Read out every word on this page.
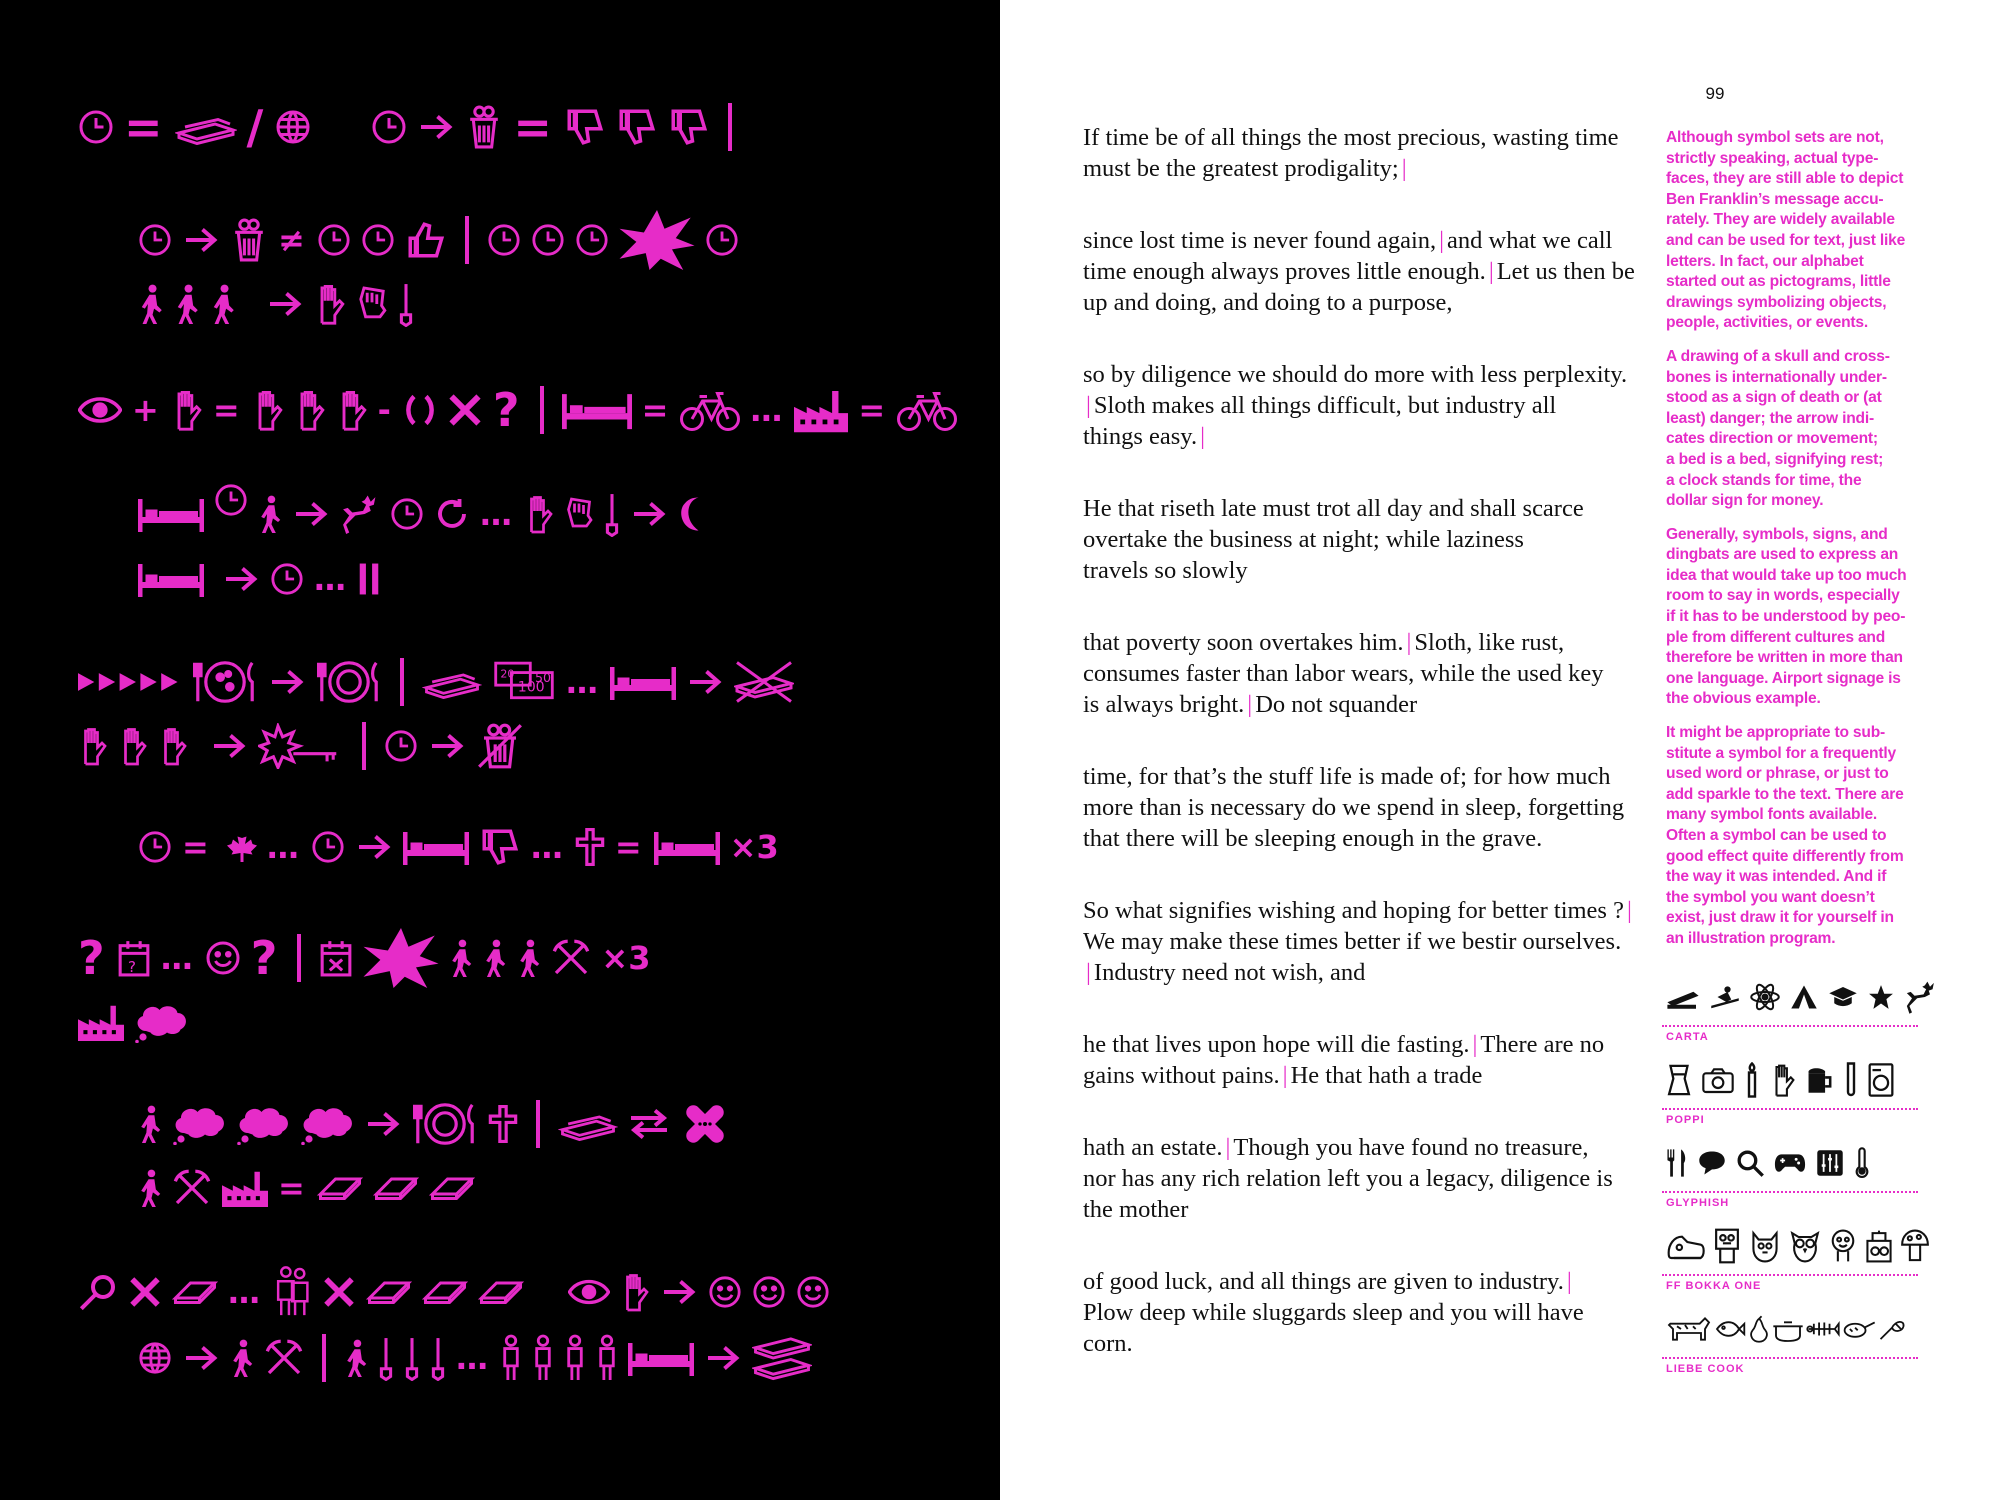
= /	=
≠
+ =	- ?	=	… =
…
…
100
50
20 …
= …	… =	×3
? ? … ?	×3
=
…
…
99

If time be of all things the most precious, wasting time
must be the greatest prodigality; |

since lost time is never found again, | and what we call
time enough always proves little enough. | Let us then be
up and doing, and doing to a purpose,

so by diligence we should do more with less perplexity.
| Sloth makes all things difficult, but industry all
things easy. |

He that riseth late must trot all day and shall scarce
overtake the business at night; while laziness
travels so slowly

that poverty soon overtakes him. | Sloth, like rust,
consumes faster than labor wears, while the used key
is always bright. | Do not squander

time, for that’s the stuff life is made of; for how much
more than is necessary do we spend in sleep, forgetting
that there will be sleeping enough in the grave.

So what signifies wishing and hoping for better times ? |
We may make these times better if we bestir ourselves.
| Industry need not wish, and

he that lives upon hope will die fasting. | There are no
gains without pains. | He that hath a trade

hath an estate. | Though you have found no treasure,
nor has any rich relation left you a legacy, diligence is
the mother

of good luck, and all things are given to industry. |
Plow deep while sluggards sleep and you will have
corn.

Although symbol sets are not,
strictly speaking, actual type-
faces, they are still able to depict
Ben Franklin’s message accu-
rately. They are widely available
and can be used for text, just like
letters. In fact, our alphabet
started out as pictograms, little
drawings symbolizing objects,
people, activities, or events.

A drawing of a skull and cross-
bones is internationally under-
stood as a sign of death or (at
least) danger; the arrow indi-
cates direction or movement;
a bed is a bed, signifying rest;
a clock stands for time, the
dollar sign for money.

Generally, symbols, signs, and
dingbats are used to express an
idea that would take up too much
room to say in words, especially
if it has to be understood by peo-
ple from different cultures and
therefore be written in more than
one language. Airport signage is
the obvious example.

It might be appropriate to sub-
stitute a symbol for a frequently
used word or phrase, or just to
add sparkle to the text. There are
many symbol fonts available.
Often a symbol can be used to
good effect quite differently from
the way it was intended. And if
the symbol you want doesn’t
exist, just draw it for yourself in
an illustration program.

CARTA
POPPI
GLYPHISH
FF BOKKA ONE
LIEBE COOK
